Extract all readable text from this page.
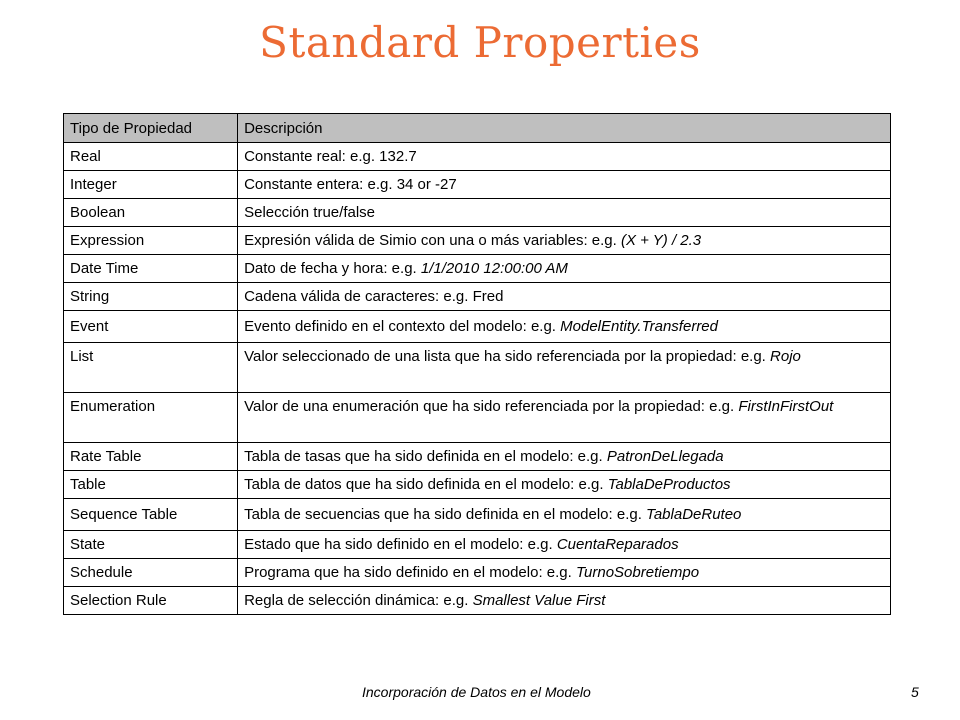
Standard Properties
Tipo de Propiedad	Descripción
Real	Constante real: e.g. 132.7
Integer	Constante entera: e.g. 34 or -27
Boolean	Selección true/false
Expression	Expresión válida de Simio con una o más variables: e.g. (X + Y) / 2.3
Date Time	Dato de fecha y hora: e.g. 1/1/2010 12:00:00 AM
String	Cadena válida de caracteres: e.g. Fred
Event	Evento definido en el contexto del modelo: e.g. ModelEntity.Transferred
List	Valor seleccionado de una lista que ha sido referenciada por la propiedad: e.g. Rojo
Enumeration	Valor de una enumeración que ha sido referenciada por la propiedad: e.g. FirstInFirstOut
Rate Table	Tabla de tasas que ha sido definida en el modelo: e.g. PatronDeLlegada
Table	Tabla de datos que ha sido definida en el modelo: e.g. TablaDeProductos
Sequence Table	Tabla de secuencias que ha sido definida en el modelo: e.g. TablaDeRuteo
State	Estado que ha sido definido en el modelo: e.g. CuentaReparados
Schedule	Programa que ha sido definido en el modelo: e.g. TurnoSobretiempo
Selection Rule	Regla de selección dinámica: e.g. Smallest Value First
Incorporación de Datos en el Modelo	5
